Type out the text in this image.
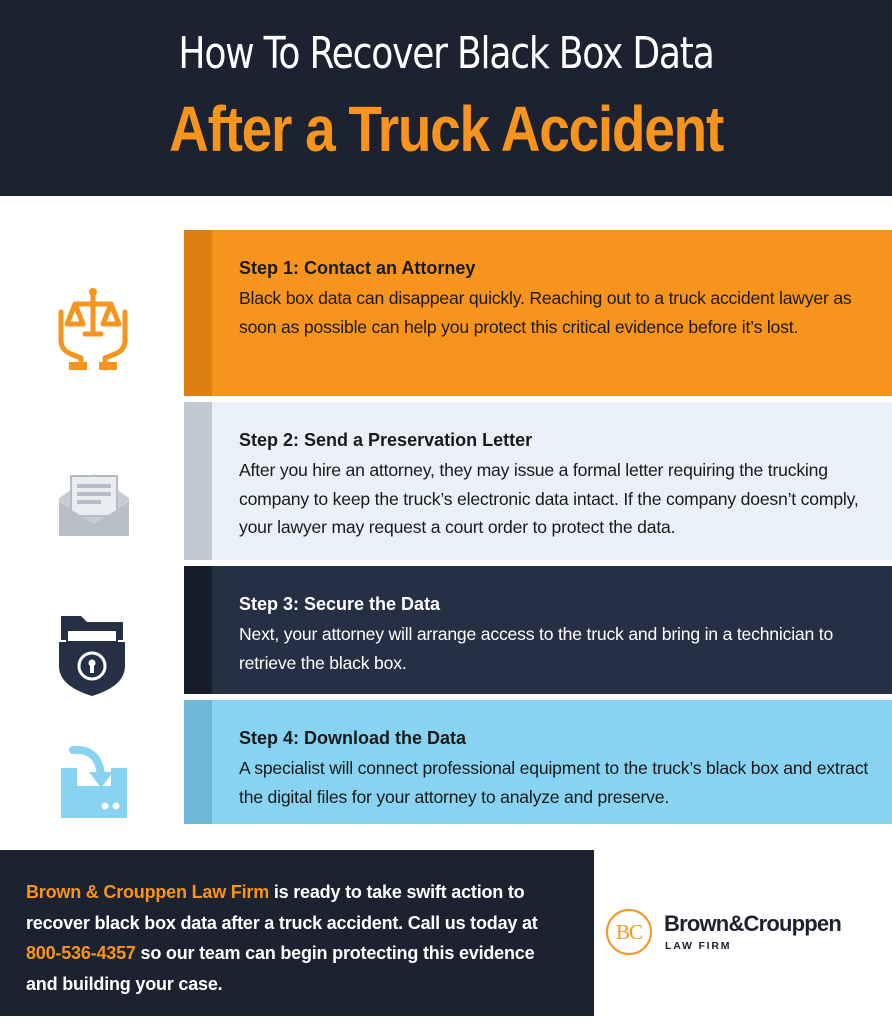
How To Recover Black Box Data
After a Truck Accident
Step 1: Contact an Attorney

Black box data can disappear quickly. Reaching out to a truck accident lawyer as soon as possible can help you protect this critical evidence before it’s lost.

Step 2: Send a Preservation Letter

After you hire an attorney, they may issue a formal letter requiring the trucking company to keep the truck’s electronic data intact. If the company doesn’t comply, your lawyer may request a court order to protect the data.

Step 3: Secure the Data

Next, your attorney will arrange access to the truck and bring in a technician to retrieve the black box.

Step 4: Download the Data

A specialist will connect professional equipment to the truck’s black box and extract the digital files for your attorney to analyze and preserve.

Brown & Crouppen Law Firm is ready to take swift action to recover black box data after a truck accident. Call us today at 800-536-4357 so our team can begin protecting this evidence and building your case.

BC	Brown&Crouppen
LAW FIRM
